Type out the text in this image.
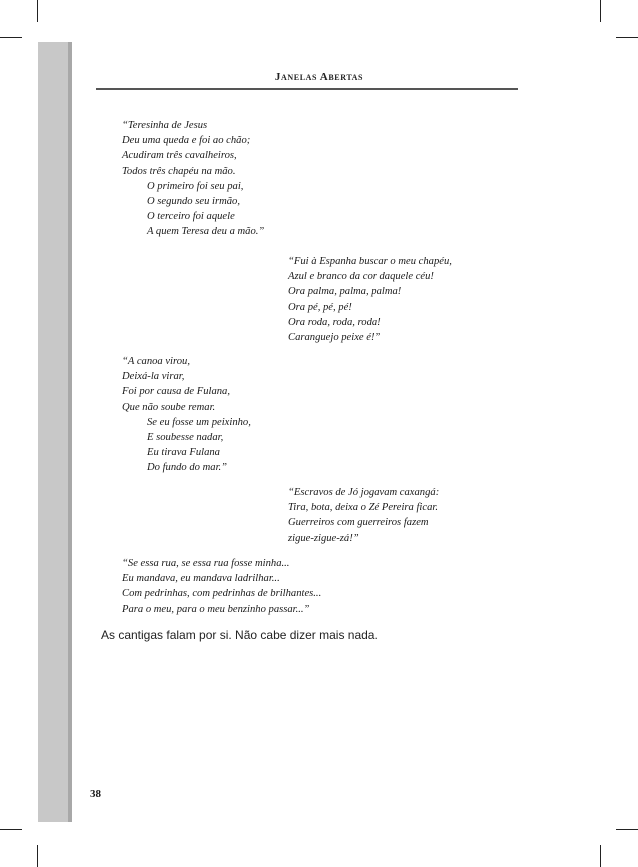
Janelas Abertas
“Teresinha de Jesus
Deu uma queda e foi ao chão;
Acudiram três cavalheiros,
Todos três chapéu na mão.
O primeiro foi seu pai,
O segundo seu irmão,
O terceiro foi aquele
A quem Teresa deu a mão.”
“Fui à Espanha buscar o meu chapéu,
Azul e branco da cor daquele céu!
Ora palma, palma, palma!
Ora pé, pé, pé!
Ora roda, roda, roda!
Caranguejo peixe é!”
“A canoa virou,
Deixá-la virar,
Foi por causa de Fulana,
Que não soube remar.
Se eu fosse um peixinho,
E soubesse nadar,
Eu tirava Fulana
Do fundo do mar.”
“Escravos de Jó jogavam caxangá:
Tira, bota, deixa o Zé Pereira ficar.
Guerreiros com guerreiros fazem
zigue-zigue-zá!”
“Se essa rua, se essa rua fosse minha...
Eu mandava, eu mandava ladrilhar...
Com pedrinhas, com pedrinhas de brilhantes...
Para o meu, para o meu benzinho passar...”
As cantigas falam por si. Não cabe dizer mais nada.
38
